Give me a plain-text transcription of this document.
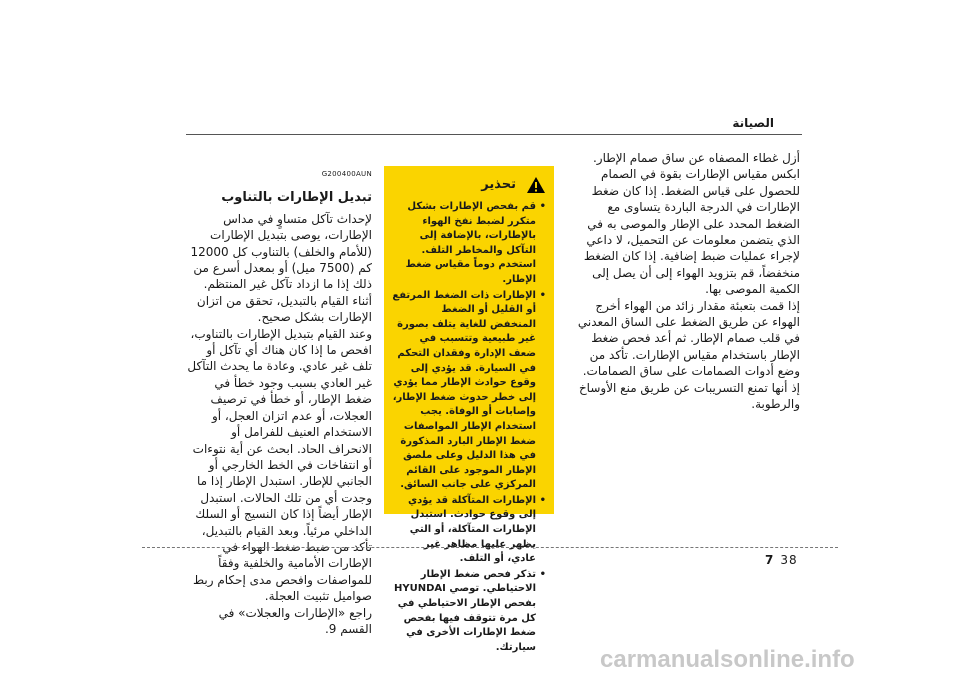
الصيانة

أزل غطاء المصفاه عن ساق صمام الإطار. ابكس مقياس الإطارات بقوة في الصمام للحصول على قياس الضغط. إذا كان ضغط الإطارات في الدرجة الباردة يتساوى مع الضغط المحدد على الإطار والموصى به في الذي يتضمن معلومات عن التحميل، لا داعي لإجراء عمليات ضبط إضافية. إذا كان الضغط منخفضاً، قم بتزويد الهواء إلى أن يصل إلى الكمية الموصى بها.

إذا قمت بتعبئة مقدار زائد من الهواء أخرج الهواء عن طريق الضغط على الساق المعدني في قلب صمام الإطار. ثم أعد فحص ضغط الإطار باستخدام مقياس الإطارات. تأكد من وضع أدوات الصمامات على ساق الصمامات.

إذ أنها تمنع التسريبات عن طريق منع الأوساخ والرطوبة.

تحذير
• قم بفحص الإطارات بشكل متكرر لضبط نفخ الهواء بالإطارات، بالإضافة إلى التآكل والمخاطر التلف. استخدم دوماً مقياس ضغط الإطار.
• الإطارات ذات الضغط المرتفع أو القليل أو الضغط المنخفض للغاية يتلف بصورة غير طبيعية وتتسبب في ضعف الإدارة وفقدان التحكم في السيارة. قد يؤدي إلى وقوع حوادث الإطار مما يؤدي إلى خطر حدوث ضغط الإطار، وإصابات أو الوفاة. يجب استخدام الإطار المواصفات ضغط الإطار البارد المذكورة في هذا الدليل وعلى ملصق الإطار الموجود على القائم المركزي على جانب السائق.
• الإطارات المتآكلة قد يؤدي إلى وقوع حوادث. استبدل الإطارات المتآكلة، أو التي يظهر عليها مظاهر غير عادي، أو التلف.
• تذكر فحص ضغط الإطار الاحتياطي. توصي HYUNDAI بفحص الإطار الاحتياطي في كل مرة تتوقف فيها بفحص ضغط الإطارات الأخرى في سيارتك.
G200400AUN
تبديل الإطارات بالتناوب

لإحداث تآكل متساوٍ في مداس الإطارات، يوصى بتبديل الإطارات (للأمام والخلف) بالتناوب كل 12000 كم (7500 ميل) أو بمعدل أسرع من ذلك إذا ما ازداد تآكل غير المنتظم.

أثناء القيام بالتبديل، تحقق من اتزان الإطارات بشكل صحيح.

وعند القيام بتبديل الإطارات بالتناوب، افحص ما إذا كان هناك أي تآكل أو تلف غير عادي. وعادة ما يحدث التآكل غير العادي بسبب وجود خطأ في ضغط الإطار، أو خطأ في ترصيف العجلات، أو عدم اتزان العجل، أو الاستخدام العنيف للفرامل أو الانحراف الحاد. ابحث عن أية نتوءات أو انتفاخات في الخط الخارجي أو الجانبي للإطار. استبدل الإطار إذا ما وجدت أي من تلك الحالات. استبدل الإطار أيضاً إذا كان النسيج أو السلك الداخلي مرئياً. وبعد القيام بالتبديل، تأكد من ضبط ضغط الهواء في الإطارات الأمامية والخلفية وفقاً للمواصفات وافحص مدى إحكام ربط صواميل تثبيت العجلة.

راجع «الإطارات والعجلات» في القسم 9.

7 38
carmanualsonline.info
